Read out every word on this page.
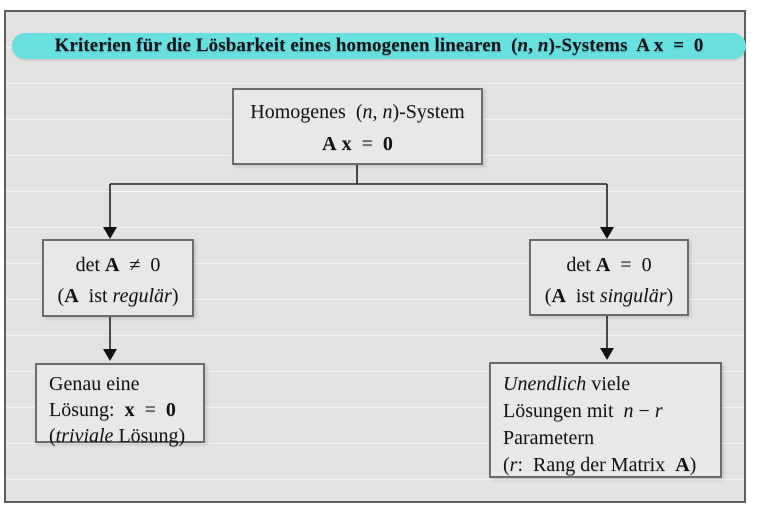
Kriterien für die Lösbarkeit eines homogenen linearen  (n, n)-Systems  A x  =  0
Homogenes  (n, n)-System
A x  =  0
det A  ≠  0
(A  ist regulär)
det A  =  0
(A  ist singulär)
Genau eine
Lösung:  x  =  0
(triviale Lösung)
Unendlich viele
Lösungen mit  n − r
Parametern
(r:  Rang der Matrix  A)
